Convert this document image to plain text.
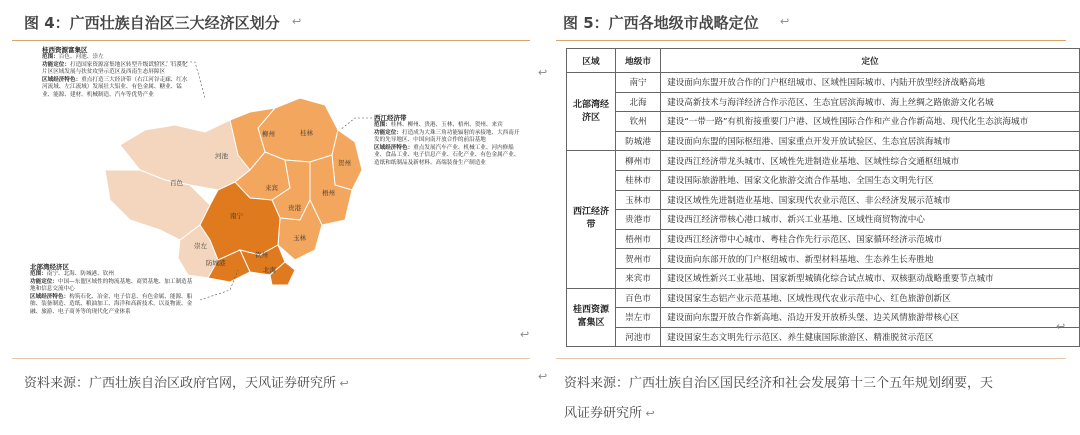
图 4：广西壮族自治区三大经济区划分 ↩
桂林
河池
柳州
贺州
百色
来宾
梧州
贵港
南宁
崇左
玉林
钦州
防城港
北海
桂西资源富集区
范围：百色、河池、崇左
功能定位：打造国家资源富集地区转型升级试验区、石漠化片区区域发展与扶贫攻坚示范区及西南生态屏障区
区域经济特色：重点打造三大经济带（右江河谷走廊、红水河流域、左江流域）发展壮大铝业、有色金属、糖业、锰业、能源、建材、机械制造、汽车等优势产业
西江经济带
范围：桂林、柳州、贵港、玉林、梧州、贺州、来宾
功能定位：打造成为大珠三角功能辐射的承接地、大西南开发的先导地区、中国向南开放合作的前沿基地
区域经济特色：重点发展汽车产业、机械工业、河内修船业、食品工业、电子信息产业、石化产业、有色金属产业、造纸和纸制品及新材料、高端装备生产制造业
北部湾经济区
范围：南宁、北海、防城港、钦州
功能定位：中国—东盟区域性的物流基地、商贸基地、加工制造基地和信息交流中心
区域经济特色：构筑石化、冶金、电子信息、有色金属、能源、船舶、装备制造、造纸、粮油加工、海洋和高新技术，以及物流、金融、旅游、电子商务等的现代化产业体系
↩
资料来源：广西壮族自治区政府官网，天风证券研究所 ↩
↩
↩
图 5：广西各地级市战略定位 ↩
区域	地级市	定位
北部湾经济区	南宁	建设面向东盟开放合作的门户枢纽城市、区域性国际城市、内陆开放型经济战略高地
	北海	建设高新技术与海洋经济合作示范区、生态宜居滨海城市、海上丝绸之路旅游文化名城
	钦州	建设“一带一路”有机衔接重要门户港、区域性国际合作和产业合作新高地、现代化生态滨海城市
	防城港	建设面向东盟的国际枢纽港、国家重点开发开放试验区、生态宜居滨海城市
西江经济带	柳州市	建设西江经济带龙头城市、区域性先进制造业基地、区域性综合交通枢纽城市
	桂林市	建设国际旅游胜地、国家文化旅游交流合作基地、全国生态文明先行区
	玉林市	建设区域性先进制造业基地、国家现代农业示范区、非公经济发展示范城市
	贵港市	建设西江经济带核心港口城市、新兴工业基地、区域性商贸物流中心
	梧州市	建设西江经济带中心城市、粤桂合作先行示范区、国家循环经济示范城市
	贺州市	建设面向东部开放的门户枢纽城市、新型材料基地、生态养生长寿胜地
	来宾市	建设区域性新兴工业基地、国家新型城镇化综合试点城市、双核驱动战略重要节点城市
桂西资源富集区	百色市	建设国家生态铝产业示范基地、区域性现代农业示范中心、红色旅游创新区
	崇左市	建设面向东盟开放合作新高地、沿边开发开放桥头堡、边关风情旅游带核心区
	河池市	建设国家生态文明先行示范区、养生健康国际旅游区、精准脱贫示范区
↩
资料来源：广西壮族自治区国民经济和社会发展第十三个五年规划纲要，天
风证券研究所 ↩
